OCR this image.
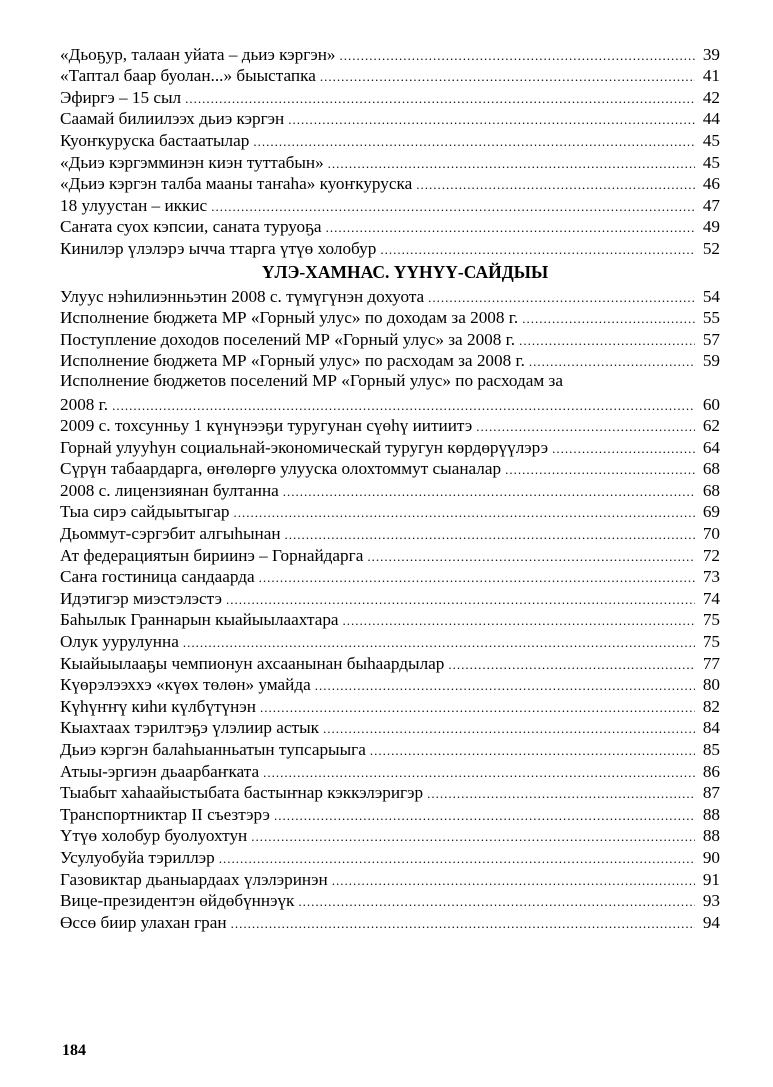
«Дьоҕур, талаан уйата – дьиэ кэргэн» .....	39
«Таптал баар буолан...» быыстапка .....	41
Эфиргэ – 15 сыл .....	42
Саамай билиилээх дьиэ кэргэн .....	44
Куоҥкуруска бастаатылар .....	45
«Дьиэ кэргэмминэн киэн туттабын» .....	45
«Дьиэ кэргэн талба мааны таҥаһа» куоҥкуруска .....	46
18 улуустан – иккис .....	47
Саҥата суох кэпсии, саната туруоҕа .....	49
Кинилэр үлэлэрэ ычча ттарга үтүө холобур .....	52
ҮЛЭ-ХАМНАС. ҮҮНҮҮ-САЙДЫЫ
Улуус нэһилиэнньэтин 2008 с. түмүгүнэн дохуота .....	54
Исполнение бюджета МР «Горный улус» по доходам за 2008 г. .....	55
Поступление доходов поселений МР «Горный улус» за 2008 г. .....	57
Исполнение бюджета МР «Горный улус» по расходам за 2008 г. .....	59
Исполнение бюджетов поселений МР «Горный улус» по расходам за
2008 г. .....	60
2009 с. тохсунньу 1 күнүнээҕи туругунан сүөһү иитиитэ .....	62
Горнай улууһун социальнай-экономическай туругун көрдөрүүлэрэ .....	64
Сүрүн табаардарга, өҥөлөргө улууска олохтоммут сыаналар .....	68
2008 с. лицензиянан бултанна .....	68
Тыа сирэ сайдыытыгар .....	69
Дьоммут-сэргэбит алгыһынан .....	70
Ат федерациятын бириинэ – Горнайдарга .....	72
Саҥа гостиница сандаарда .....	73
Идэтигэр миэстэлэстэ .....	74
Баһылык Граннарын кыайыылаахтара .....	75
Олук уурулунна .....	75
Кыайыылааҕы чемпионун ахсаанынан быһаардылар .....	77
Күөрэлээххэ «күөх төлөн» умайда .....	80
Күһүҥҥү киһи күлбүтүнэн .....	82
Кыахтаах тэрилтэҕэ үлэлиир астык .....	84
Дьиэ кэргэн балаһыанньатын тупсарыыга .....	85
Атыы-эргиэн дьаарбаҥката .....	86
Тыабыт хаһаайыстыбата бастыҥнар кэккэлэригэр .....	87
Транспортниктар II съезтэрэ .....	88
Үтүө холобур буолуохтун .....	88
Усулуобуйа тэриллэр .....	90
Газовиктар дьаныардаах үлэлэринэн .....	91
Вице-президентэн өйдөбүннэүк .....	93
Өссө биир улахан гран .....	94
184
